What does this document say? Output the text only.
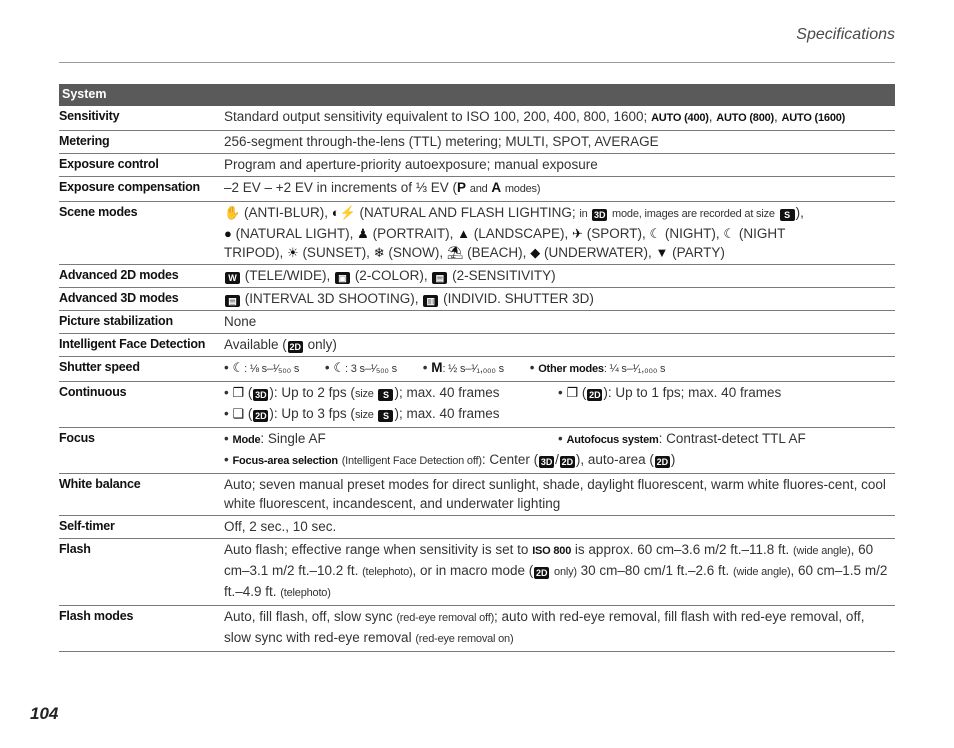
Specifications
System	
Sensitivity	Standard output sensitivity equivalent to ISO 100, 200, 400, 800, 1600; AUTO (400), AUTO (800), AUTO (1600)
Metering	256-segment through-the-lens (TTL) metering; MULTI, SPOT, AVERAGE
Exposure control	Program and aperture-priority autoexposure; manual exposure
Exposure compensation	–2 EV – +2 EV in increments of ⅓ EV (P and A modes)
Scene modes	✋ (ANTI-BLUR), ◐⚡ (NATURAL AND FLASH LIGHTING; in 3D mode, images are recorded at size S ),
● (NATURAL LIGHT), ♟ (PORTRAIT), ▲ (LANDSCAPE), ✈ (SPORT), ☾ (NIGHT), ☾ (NIGHT
TRIPOD), ☀ (SUNSET), ❄ (SNOW), ⛱ (BEACH), ◆ (UNDERWATER), ▼ (PARTY)
Advanced 2D modes	W (TELE/WIDE), ▣ (2-COLOR), ▤ (2-SENSITIVITY)
Advanced 3D modes	▤ (INTERVAL 3D SHOOTING), ▥ (INDIVID. SHUTTER 3D)
Picture stabilization	None
Intelligent Face Detection	Available ( 2D only)
Shutter speed	• ☾: ⅛ s–¹⁄₅₀₀ s • ☾: 3 s–¹⁄₅₀₀ s • M: ½ s–¹⁄₁,₀₀₀ s • Other modes: ¼ s–¹⁄₁,₀₀₀ s
Continuous	• ❐ ( 3D ): Up to 2 fps (size S ); max. 40 frames • ❐ ( 2D ): Up to 1 fps; max. 40 frames
• ❏ ( 2D ): Up to 3 fps (size S ); max. 40 frames

Focus	• Mode: Single AF • Autofocus system: Contrast-detect TTL AF
• Focus-area selection (Intelligent Face Detection off): Center ( 3D / 2D ), auto-area ( 2D )

White balance	Auto; seven manual preset modes for direct sunlight, shade, daylight fluorescent, warm white fluores-cent, cool white fluorescent, incandescent, and underwater lighting
Self-timer	Off, 2 sec., 10 sec.
Flash	Auto flash; effective range when sensitivity is set to ISO 800 is approx. 60 cm–3.6 m/2 ft.–11.8 ft. (wide angle), 60 cm–3.1 m/2 ft.–10.2 ft. (telephoto), or in macro mode ( 2D only) 30 cm–80 cm/1 ft.–2.6 ft. (wide angle), 60 cm–1.5 m/2 ft.–4.9 ft. (telephoto)
Flash modes	Auto, fill flash, off, slow sync (red-eye removal off); auto with red-eye removal, fill flash with red-eye removal, off, slow sync with red-eye removal (red-eye removal on)
104
